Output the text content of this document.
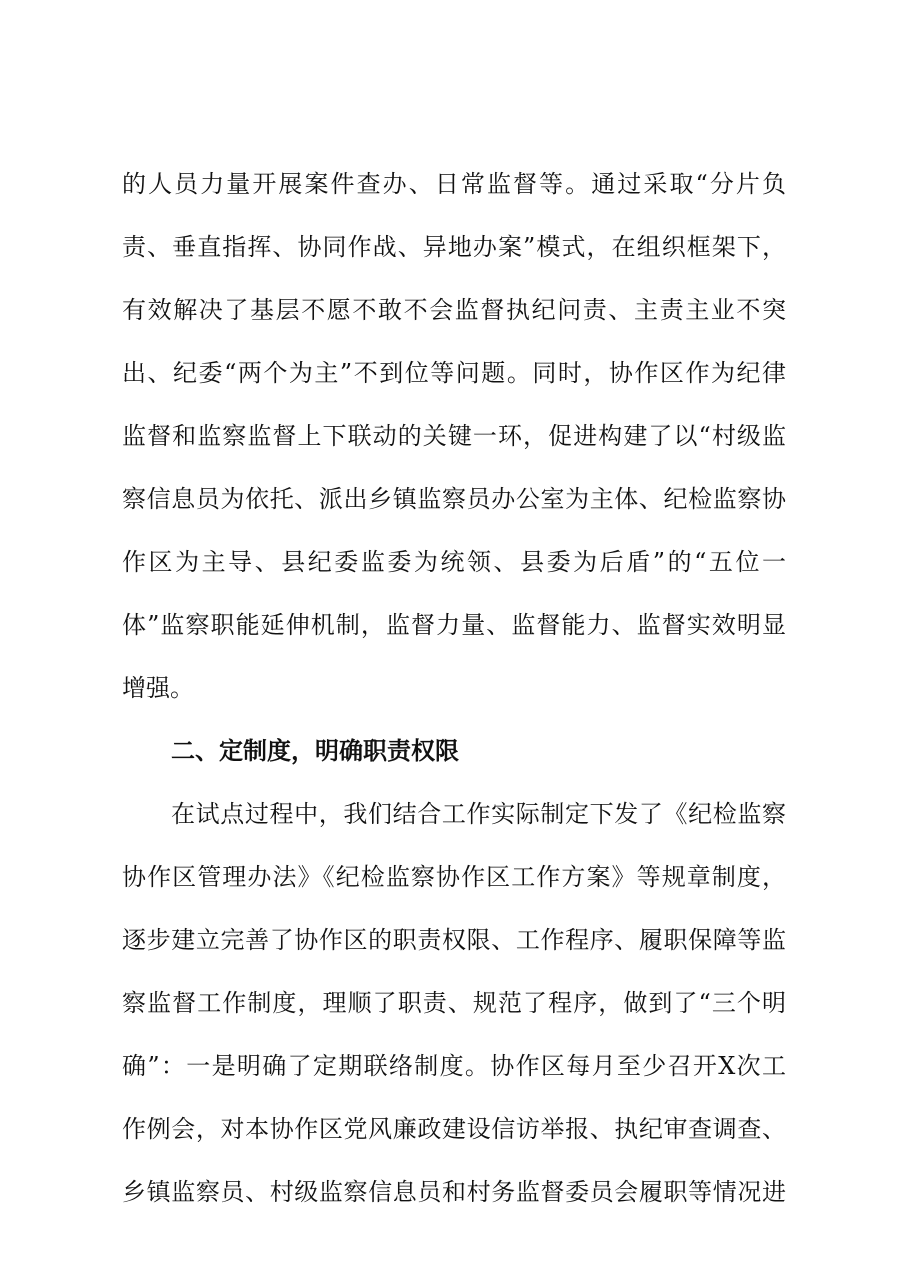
的人员力量开展案件查办、日常监督等。通过采取“分片负
责、垂直指挥、协同作战、异地办案”模式，在组织框架下，
有效解决了基层不愿不敢不会监督执纪问责、主责主业不突
出、纪委“两个为主”不到位等问题。同时，协作区作为纪律
监督和监察监督上下联动的关键一环，促进构建了以“村级监
察信息员为依托、派出乡镇监察员办公室为主体、纪检监察协
作区为主导、县纪委监委为统领、县委为后盾”的“五位一
体”监察职能延伸机制，监督力量、监督能力、监督实效明显
增强。
二、定制度，明确职责权限
在试点过程中，我们结合工作实际制定下发了《纪检监察
协作区管理办法》《纪检监察协作区工作方案》等规章制度，
逐步建立完善了协作区的职责权限、工作程序、履职保障等监
察监督工作制度，理顺了职责、规范了程序，做到了“三个明
确”：一是明确了定期联络制度。协作区每月至少召开X次工
作例会，对本协作区党风廉政建设信访举报、执纪审查调查、
乡镇监察员、村级监察信息员和村务监督委员会履职等情况进
